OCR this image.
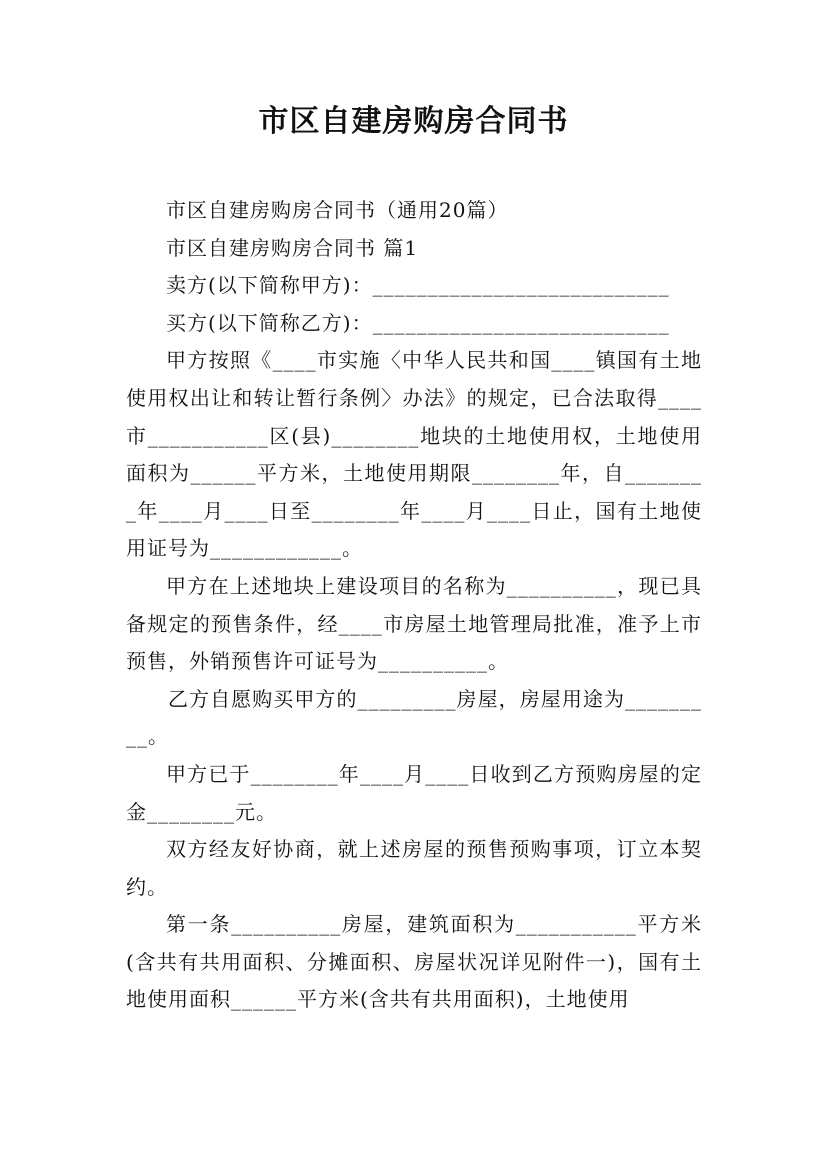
市区自建房购房合同书

市区自建房购房合同书（通用20篇）

市区自建房购房合同书 篇1

卖方(以下简称甲方)：___________________________

买方(以下简称乙方)：___________________________

甲方按照《____市实施〈中华人民共和国____镇国有土地使用权出让和转让暂行条例〉办法》的规定，已合法取得____市___________区(县)________地块的土地使用权，土地使用面积为______平方米，土地使用期限________年，自________年____月____日至________年____月____日止，国有土地使用证号为____________。

甲方在上述地块上建设项目的名称为__________，现已具备规定的预售条件，经____市房屋土地管理局批准，准予上市预售，外销预售许可证号为__________。

乙方自愿购买甲方的_________房屋，房屋用途为_________。

甲方已于________年____月____日收到乙方预购房屋的定金________元。

双方经友好协商，就上述房屋的预售预购事项，订立本契约。

第一条__________房屋，建筑面积为___________平方米(含共有共用面积、分摊面积、房屋状况详见附件一)，国有土地使用面积______平方米(含共有共用面积)，土地使用
